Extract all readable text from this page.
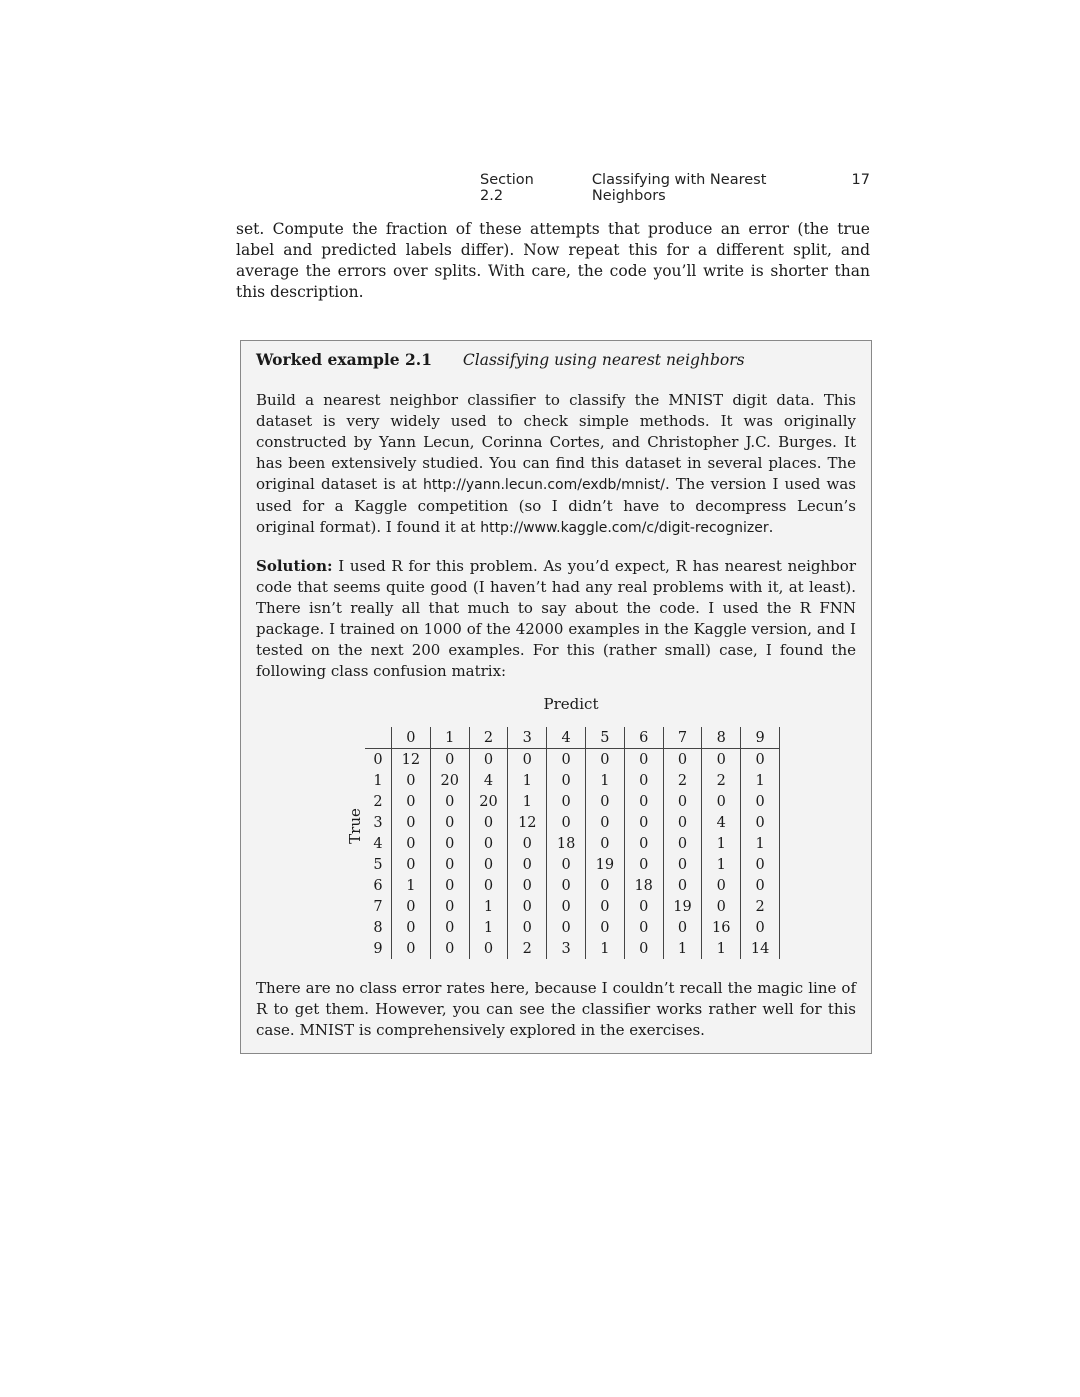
Section 2.2
Classifying with Nearest Neighbors
17

set. Compute the fraction of these attempts that produce an error (the true label and predicted labels differ). Now repeat this for a different split, and average the errors over splits. With care, the code you’ll write is shorter than this description.

Worked example 2.1 Classifying using nearest neighbors

Build a nearest neighbor classifier to classify the MNIST digit data. This dataset is very widely used to check simple methods. It was originally constructed by Yann Lecun, Corinna Cortes, and Christopher J.C. Burges. It has been extensively studied. You can find this dataset in several places. The original dataset is at http://yann.lecun.com/exdb/mnist/. The version I used was used for a Kaggle competition (so I didn’t have to decompress Lecun’s original format). I found it at http://www.kaggle.com/c/digit-recognizer.

Solution: I used R for this problem. As you’d expect, R has nearest neighbor code that seems quite good (I haven’t had any real problems with it, at least). There isn’t really all that much to say about the code. I used the R FNN package. I trained on 1000 of the 42000 examples in the Kaggle version, and I tested on the next 200 examples. For this (rather small) case, I found the following class confusion matrix:

Predict

True
	0	1	2	3	4	5	6	7	8	9
0	12	0	0	0	0	0	0	0	0	0
1	0	20	4	1	0	1	0	2	2	1
2	0	0	20	1	0	0	0	0	0	0
3	0	0	0	12	0	0	0	0	4	0
4	0	0	0	0	18	0	0	0	1	1
5	0	0	0	0	0	19	0	0	1	0
6	1	0	0	0	0	0	18	0	0	0
7	0	0	1	0	0	0	0	19	0	2
8	0	0	1	0	0	0	0	0	16	0
9	0	0	0	2	3	1	0	1	1	14

There are no class error rates here, because I couldn’t recall the magic line of R to get them. However, you can see the classifier works rather well for this case. MNIST is comprehensively explored in the exercises.
